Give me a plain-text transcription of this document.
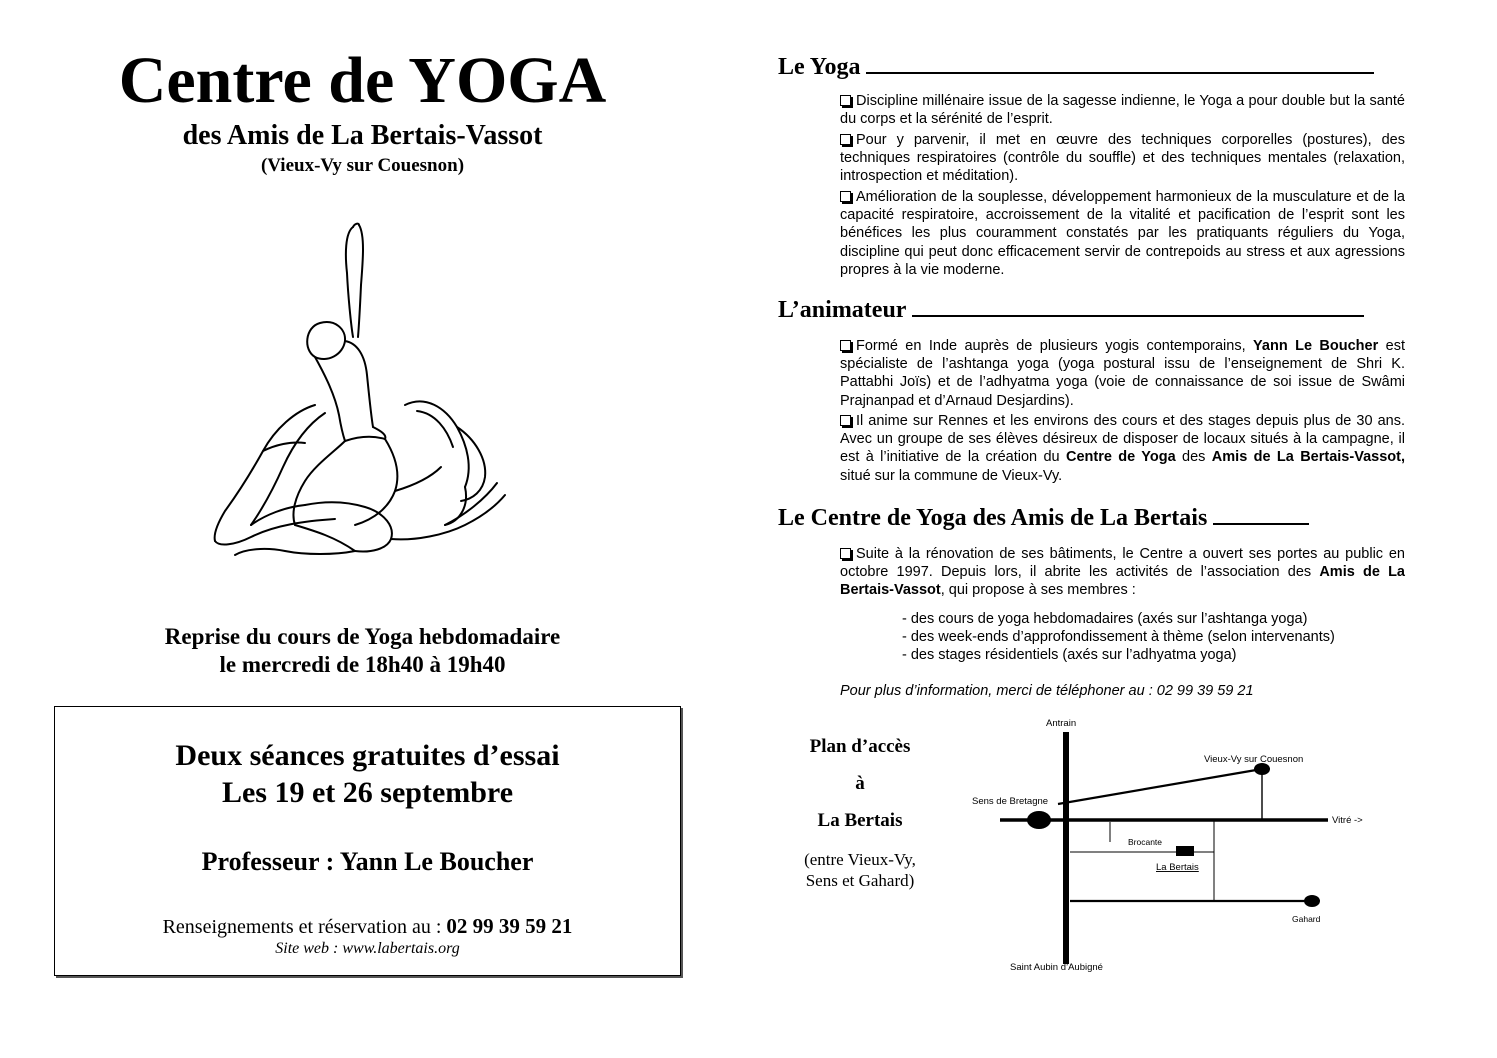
Centre de YOGA
des Amis de La Bertais-Vassot
(Vieux-Vy sur Couesnon)
Reprise du cours de Yoga hebdomadaire
le mercredi de 18h40 à 19h40
Deux séances gratuites d’essai
Les 19 et 26 septembre
Professeur : Yann Le Boucher
Renseignements et réservation au : 02 99 39 59 21
Site web : www.labertais.org
Le Yoga
Discipline millénaire issue de la sagesse indienne, le Yoga a pour double but la santé du corps et la sérénité de l’esprit.
Pour y parvenir, il met en œuvre des techniques corporelles (postures), des techniques respiratoires (contrôle du souffle) et des techniques mentales (relaxation, introspection et méditation).
Amélioration de la souplesse, développement harmonieux de la musculature et de la capacité respiratoire, accroissement de la vitalité et pacification de l’esprit sont les bénéfices les plus couramment constatés par les pratiquants réguliers du Yoga, discipline qui peut donc efficacement servir de contrepoids au stress et aux agressions propres à la vie moderne.
L’animateur
Formé en Inde auprès de plusieurs yogis contemporains, Yann Le Boucher est spécialiste de l’ashtanga yoga (yoga postural issu de l’enseignement de Shri K. Pattabhi Joïs) et de l’adhyatma yoga (voie de connaissance de soi issue de Swâmi Prajnanpad et d’Arnaud Desjardins).
Il anime sur Rennes et les environs des cours et des stages depuis plus de 30 ans. Avec un groupe de ses élèves désireux de disposer de locaux situés à la campagne, il est à l’initiative de la création du Centre de Yoga des Amis de La Bertais-Vassot, situé sur la commune de Vieux-Vy.
Le Centre de Yoga des Amis de La Bertais
Suite à la rénovation de ses bâtiments, le Centre a ouvert ses portes au public en octobre 1997. Depuis lors, il abrite les activités de l’association des Amis de La Bertais-Vassot, qui propose à ses membres :
- des cours de yoga hebdomadaires (axés sur l’ashtanga yoga)
- des week-ends d’approfondissement à thème (selon intervenants)
- des stages résidentiels (axés sur l’adhyatma yoga)
Pour plus d’information, merci de téléphoner au : 02 99 39 59 21
Plan d’accès
à
La Bertais
(entre Vieux-Vy,
Sens et Gahard)
Antrain
Vieux-Vy sur Couesnon
Sens de Bretagne
Vitré ->
Brocante
La Bertais
Gahard
Saint Aubin d’Aubigné
